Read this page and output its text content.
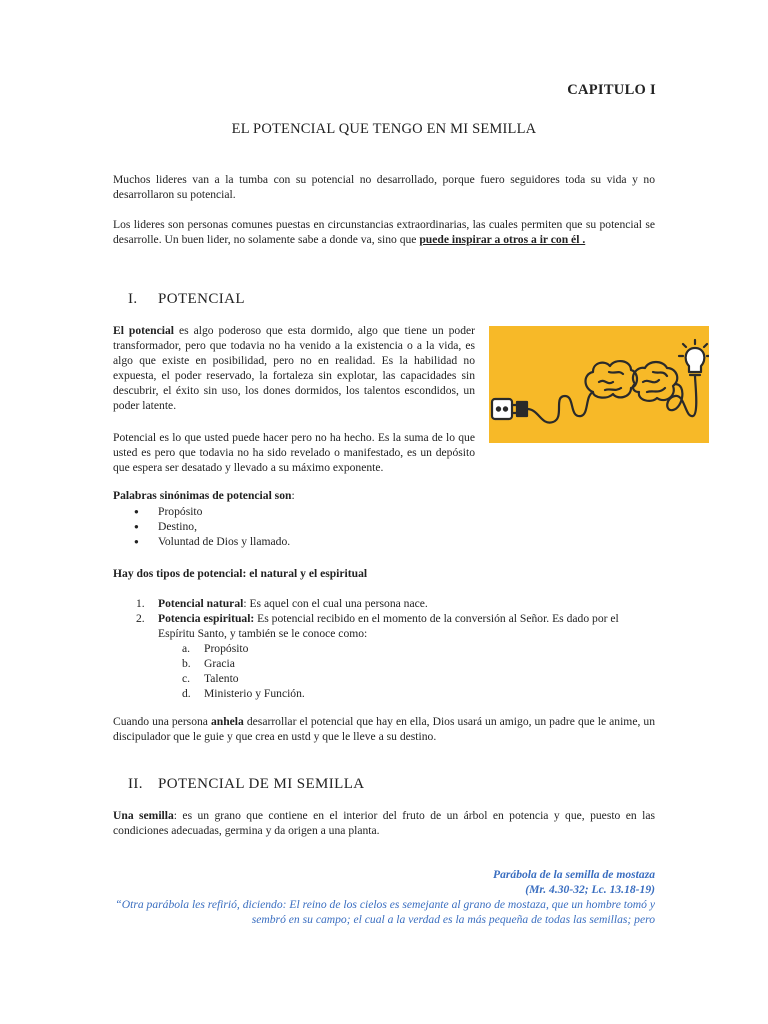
CAPITULO I
EL POTENCIAL QUE TENGO EN MI SEMILLA

Muchos lideres van a la tumba con su potencial no desarrollado, porque fuero seguidores toda su vida y no desarrollaron su potencial.

Los lideres son personas comunes puestas en circunstancias extraordinarias, las cuales permiten que su potencial se desarrolle. Un buen lider, no solamente sabe a donde va, sino que puede inspirar a otros a ir con él .

I. POTENCIAL

El potencial es algo poderoso que esta dormido, algo que tiene un poder transformador, pero que todavia no ha venido a la existencia o a la vida, es algo que existe en posibilidad, pero no en realidad. Es la habilidad no expuesta, el poder reservado, la fortaleza sin explotar, las capacidades sin descubrir, el éxito sin uso, los dones dormidos, los talentos escondidos, un poder latente.

Potencial es lo que usted puede hacer pero no ha hecho. Es la suma de lo que usted es pero que todavia no ha sido revelado o manifestado, es un depósito que espera ser desatado y llevado a su máximo exponente.

Palabras sinónimas de potencial son:

● Propósito
● Destino,
● Voluntad de Dios y llamado.

Hay dos tipos de potencial: el natural y el espiritual

1. Potencial natural: Es aquel con el cual una persona nace.
2. Potencia espiritual: Es potencial recibido en el momento de la conversión al Señor. Es dado por el Espíritu Santo, y también se le conoce como:
a. Propósito
b. Gracia
c. Talento
d. Ministerio y Función.

Cuando una persona anhela desarrollar el potencial que hay en ella, Dios usará un amigo, un padre que le anime, un discipulador que le guie y que crea en ustd y que le lleve a su destino.

II. POTENCIAL DE MI SEMILLA

Una semilla: es un grano que contiene en el interior del fruto de un árbol en potencia y que, puesto en las condiciones adecuadas, germina y da origen a una planta.

Parábola de la semilla de mostaza
(Mr. 4.30-32; Lc. 13.18-19)
“Otra parábola les refirió, diciendo: El reino de los cielos es semejante al grano de mostaza, que un hombre tomó y sembró en su campo; el cual a la verdad es la más pequeña de todas las semillas; pero
